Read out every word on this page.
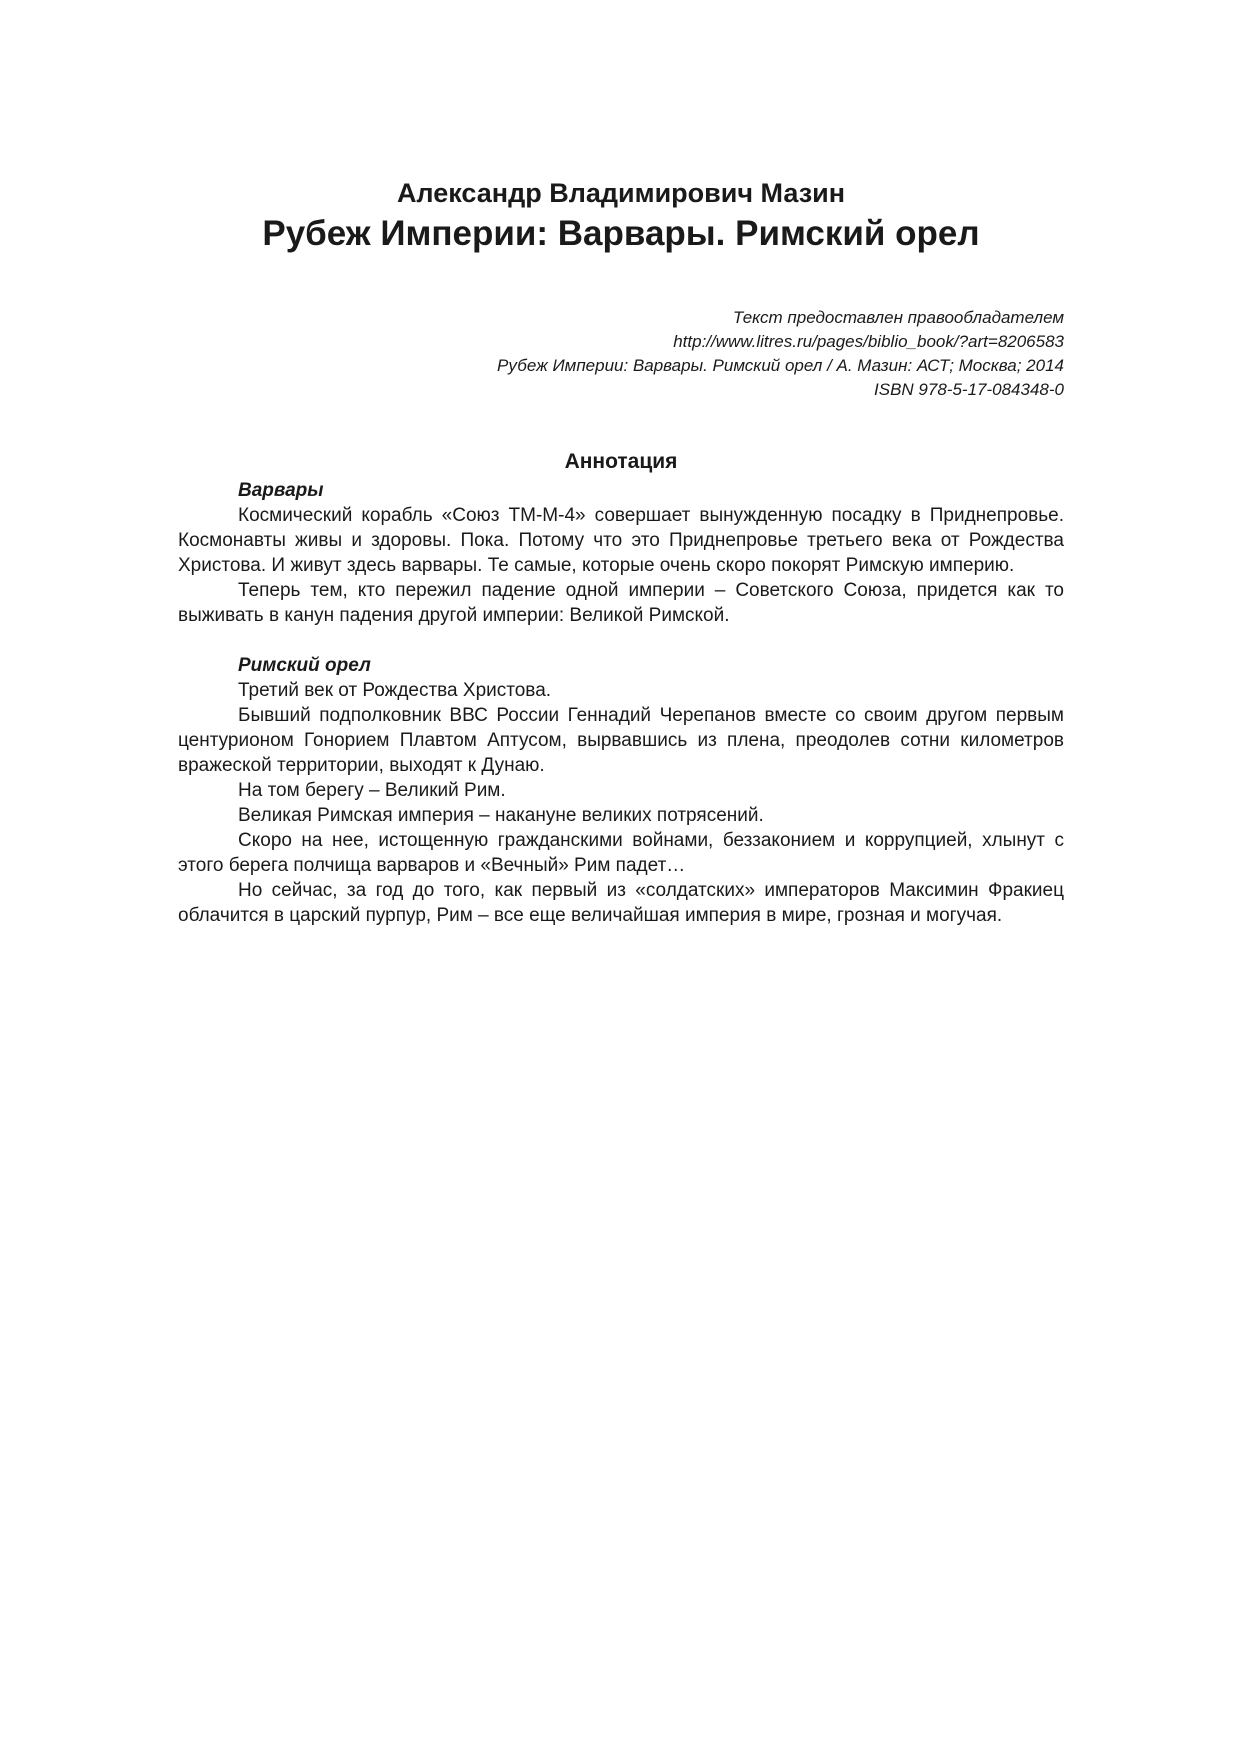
Александр Владимирович Мазин
Рубеж Империи: Варвары. Римский орел
Текст предоставлен правообладателем
http://www.litres.ru/pages/biblio_book/?art=8206583
Рубеж Империи: Варвары. Римский орел / А. Мазин: АСТ; Москва; 2014
ISBN 978-5-17-084348-0
Аннотация

Варвары

Космический корабль «Союз ТМ-М-4» совершает вынужденную посадку в Приднепровье. Космонавты живы и здоровы. Пока. Потому что это Приднепровье третьего века от Рождества Христова. И живут здесь варвары. Те самые, которые очень скоро покорят Римскую империю.

Теперь тем, кто пережил падение одной империи – Советского Союза, придется как то выживать в канун падения другой империи: Великой Римской.

Римский орел

Третий век от Рождества Христова.

Бывший подполковник ВВС России Геннадий Черепанов вместе со своим другом первым центурионом Гонорием Плавтом Аптусом, вырвавшись из плена, преодолев сотни километров вражеской территории, выходят к Дунаю.

На том берегу – Великий Рим.

Великая Римская империя – накануне великих потрясений.

Скоро на нее, истощенную гражданскими войнами, беззаконием и коррупцией, хлынут с этого берега полчища варваров и «Вечный» Рим падет…

Но сейчас, за год до того, как первый из «солдатских» императоров Максимин Фракиец облачится в царский пурпур, Рим – все еще величайшая империя в мире, грозная и могучая.
